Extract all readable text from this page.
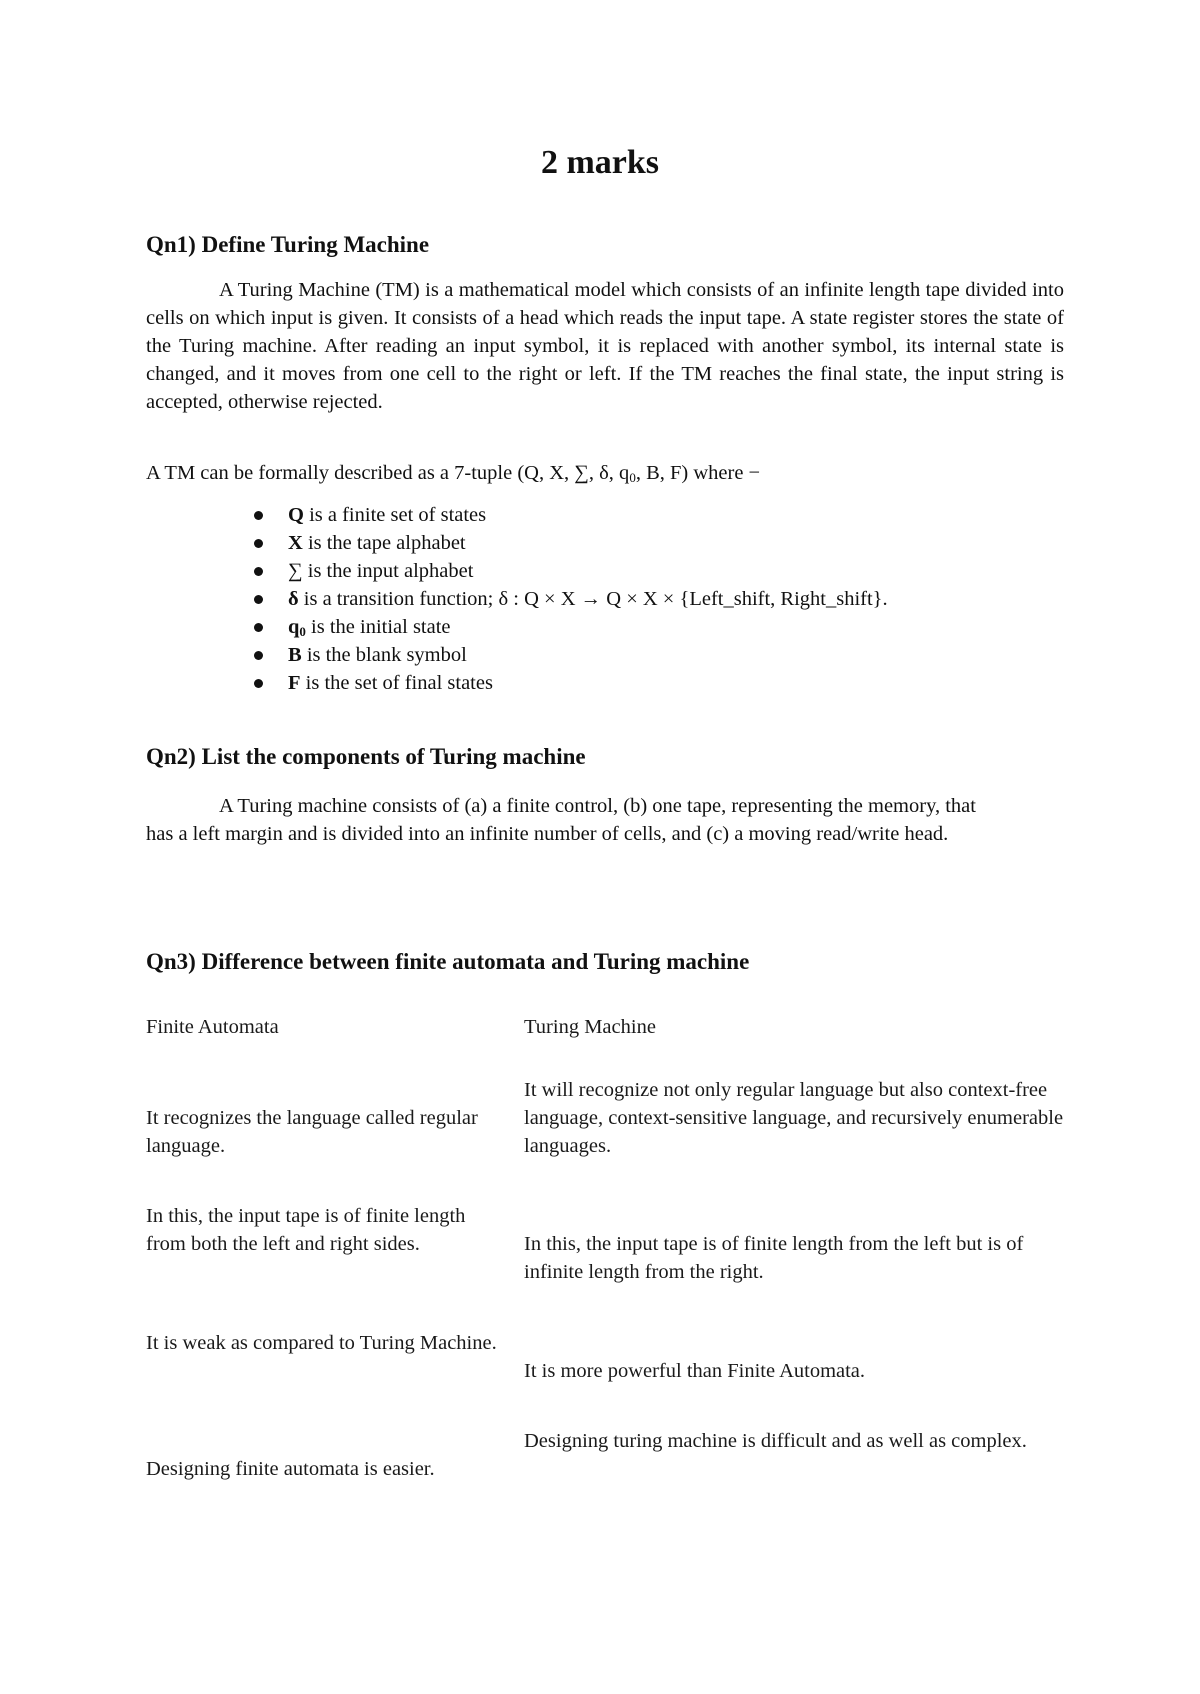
2 marks
Qn1) Define Turing Machine

A Turing Machine (TM) is a mathematical model which consists of an infinite length tape divided into cells on which input is given. It consists of a head which reads the input tape. A state register stores the state of the Turing machine. After reading an input symbol, it is replaced with another symbol, its internal state is changed, and it moves from one cell to the right or left. If the TM reaches the final state, the input string is accepted, otherwise rejected.

A TM can be formally described as a 7-tuple (Q, X, ∑, δ, $q_0$, B, F) where −

Q is a finite set of states
X is the tape alphabet
∑ is the input alphabet
δ is a transition function; δ : Q × X → Q × X × {Left_shift, Right_shift}.
$q_0$ is the initial state
B is the blank symbol
F is the set of final states
Qn2) List the components of Turing machine

A Turing machine consists of (a) a finite control, (b) one tape, representing the memory, that has a left margin and is divided into an infinite number of cells, and (c) a moving read/write head.

Qn3) Difference between finite automata and Turing machine

Finite Automata	Turing Machine

It recognizes the language called regular language.

It will recognize not only regular language but also context-free language, context-sensitive language, and recursively enumerable languages.

In this, the input tape is of finite length from both the left and right sides.	In this, the input tape is of finite length from the left but is of infinite length from the right.

It is weak as compared to Turing Machine.

It is more powerful than Finite Automata.

Designing finite automata is easier.

Designing turing machine is difficult and as well as complex.
